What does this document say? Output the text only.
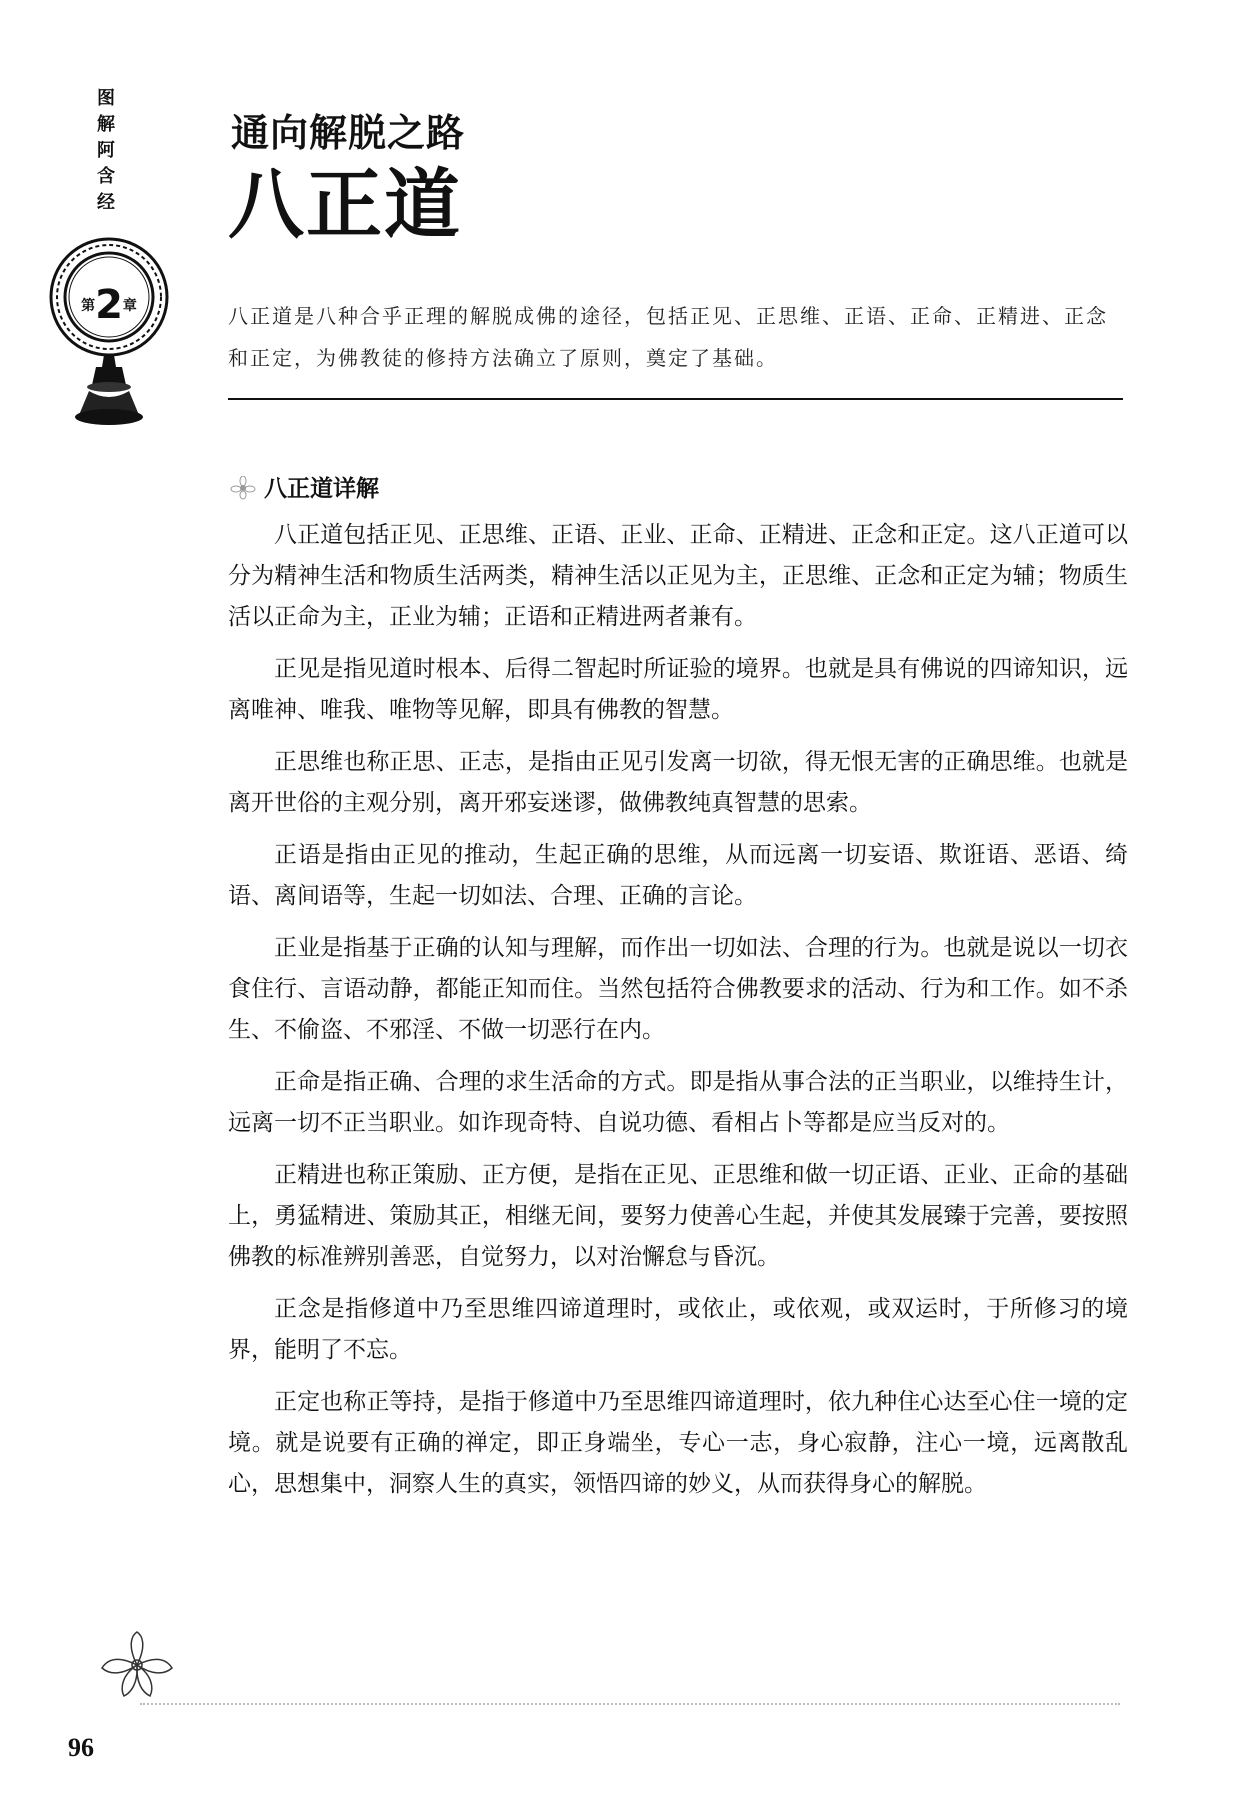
图解阿含经
第2章
通向解脱之路
八正道
八正道是八种合乎正理的解脱成佛的途径，包括正见、正思维、正语、正命、正精进、正念和正定，为佛教徒的修持方法确立了原则，奠定了基础。
八正道详解

八正道包括正见、正思维、正语、正业、正命、正精进、正念和正定。这八正道可以分为精神生活和物质生活两类，精神生活以正见为主，正思维、正念和正定为辅；物质生活以正命为主，正业为辅；正语和正精进两者兼有。

正见是指见道时根本、后得二智起时所证验的境界。也就是具有佛说的四谛知识，远离唯神、唯我、唯物等见解，即具有佛教的智慧。

正思维也称正思、正志，是指由正见引发离一切欲，得无恨无害的正确思维。也就是离开世俗的主观分别，离开邪妄迷谬，做佛教纯真智慧的思索。

正语是指由正见的推动，生起正确的思维，从而远离一切妄语、欺诳语、恶语、绮语、离间语等，生起一切如法、合理、正确的言论。

正业是指基于正确的认知与理解，而作出一切如法、合理的行为。也就是说以一切衣食住行、言语动静，都能正知而住。当然包括符合佛教要求的活动、行为和工作。如不杀生、不偷盗、不邪淫、不做一切恶行在内。

正命是指正确、合理的求生活命的方式。即是指从事合法的正当职业，以维持生计，远离一切不正当职业。如诈现奇特、自说功德、看相占卜等都是应当反对的。

正精进也称正策励、正方便，是指在正见、正思维和做一切正语、正业、正命的基础上，勇猛精进、策励其正，相继无间，要努力使善心生起，并使其发展臻于完善，要按照佛教的标准辨别善恶，自觉努力，以对治懈怠与昏沉。

正念是指修道中乃至思维四谛道理时，或依止，或依观，或双运时，于所修习的境界，能明了不忘。

正定也称正等持，是指于修道中乃至思维四谛道理时，依九种住心达至心住一境的定境。就是说要有正确的禅定，即正身端坐，专心一志，身心寂静，注心一境，远离散乱心，思想集中，洞察人生的真实，领悟四谛的妙义，从而获得身心的解脱。

96
